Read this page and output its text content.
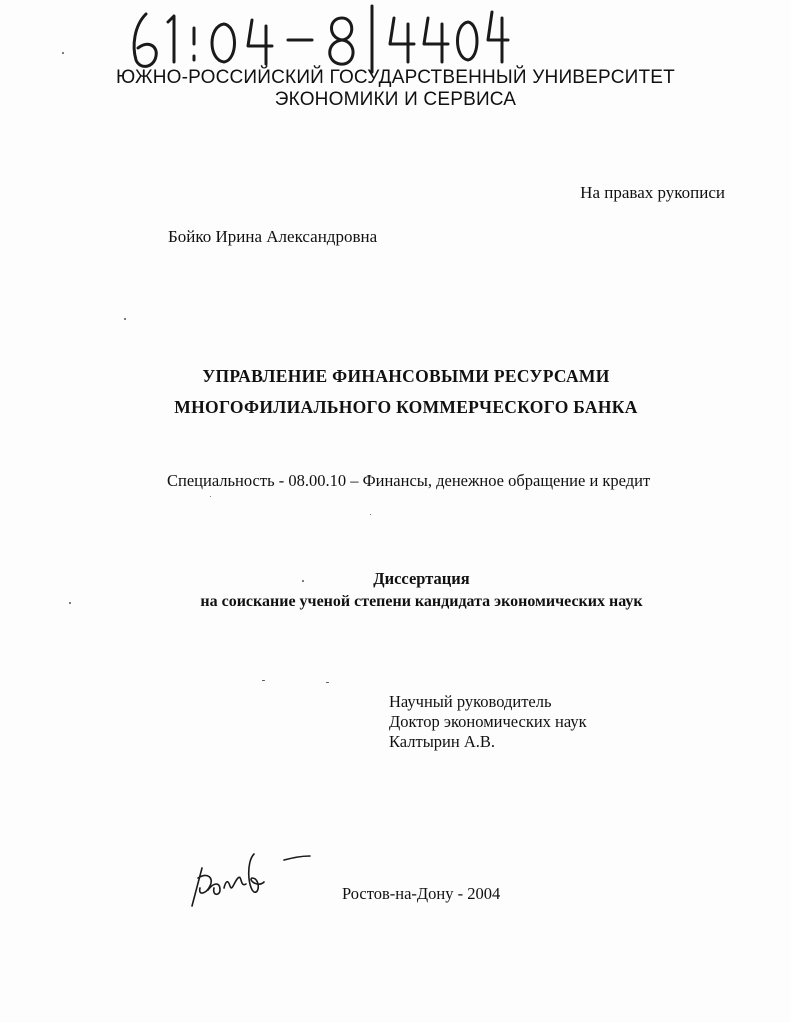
ЮЖНО-РОССИЙСКИЙ ГОСУДАРСТВЕННЫЙ УНИВЕРСИТЕТ
ЭКОНОМИКИ И СЕРВИСА
На правах рукописи
Бойко Ирина Александровна
УПРАВЛЕНИЕ ФИНАНСОВЫМИ РЕСУРСАМИ
МНОГОФИЛИАЛЬНОГО КОММЕРЧЕСКОГО БАНКА
Специальность - 08.00.10 – Финансы, денежное обращение и кредит
Диссертация
на соискание ученой степени кандидата экономических наук
Научный руководитель
Доктор экономических наук
Калтырин А.В.
Ростов-на-Дону - 2004
